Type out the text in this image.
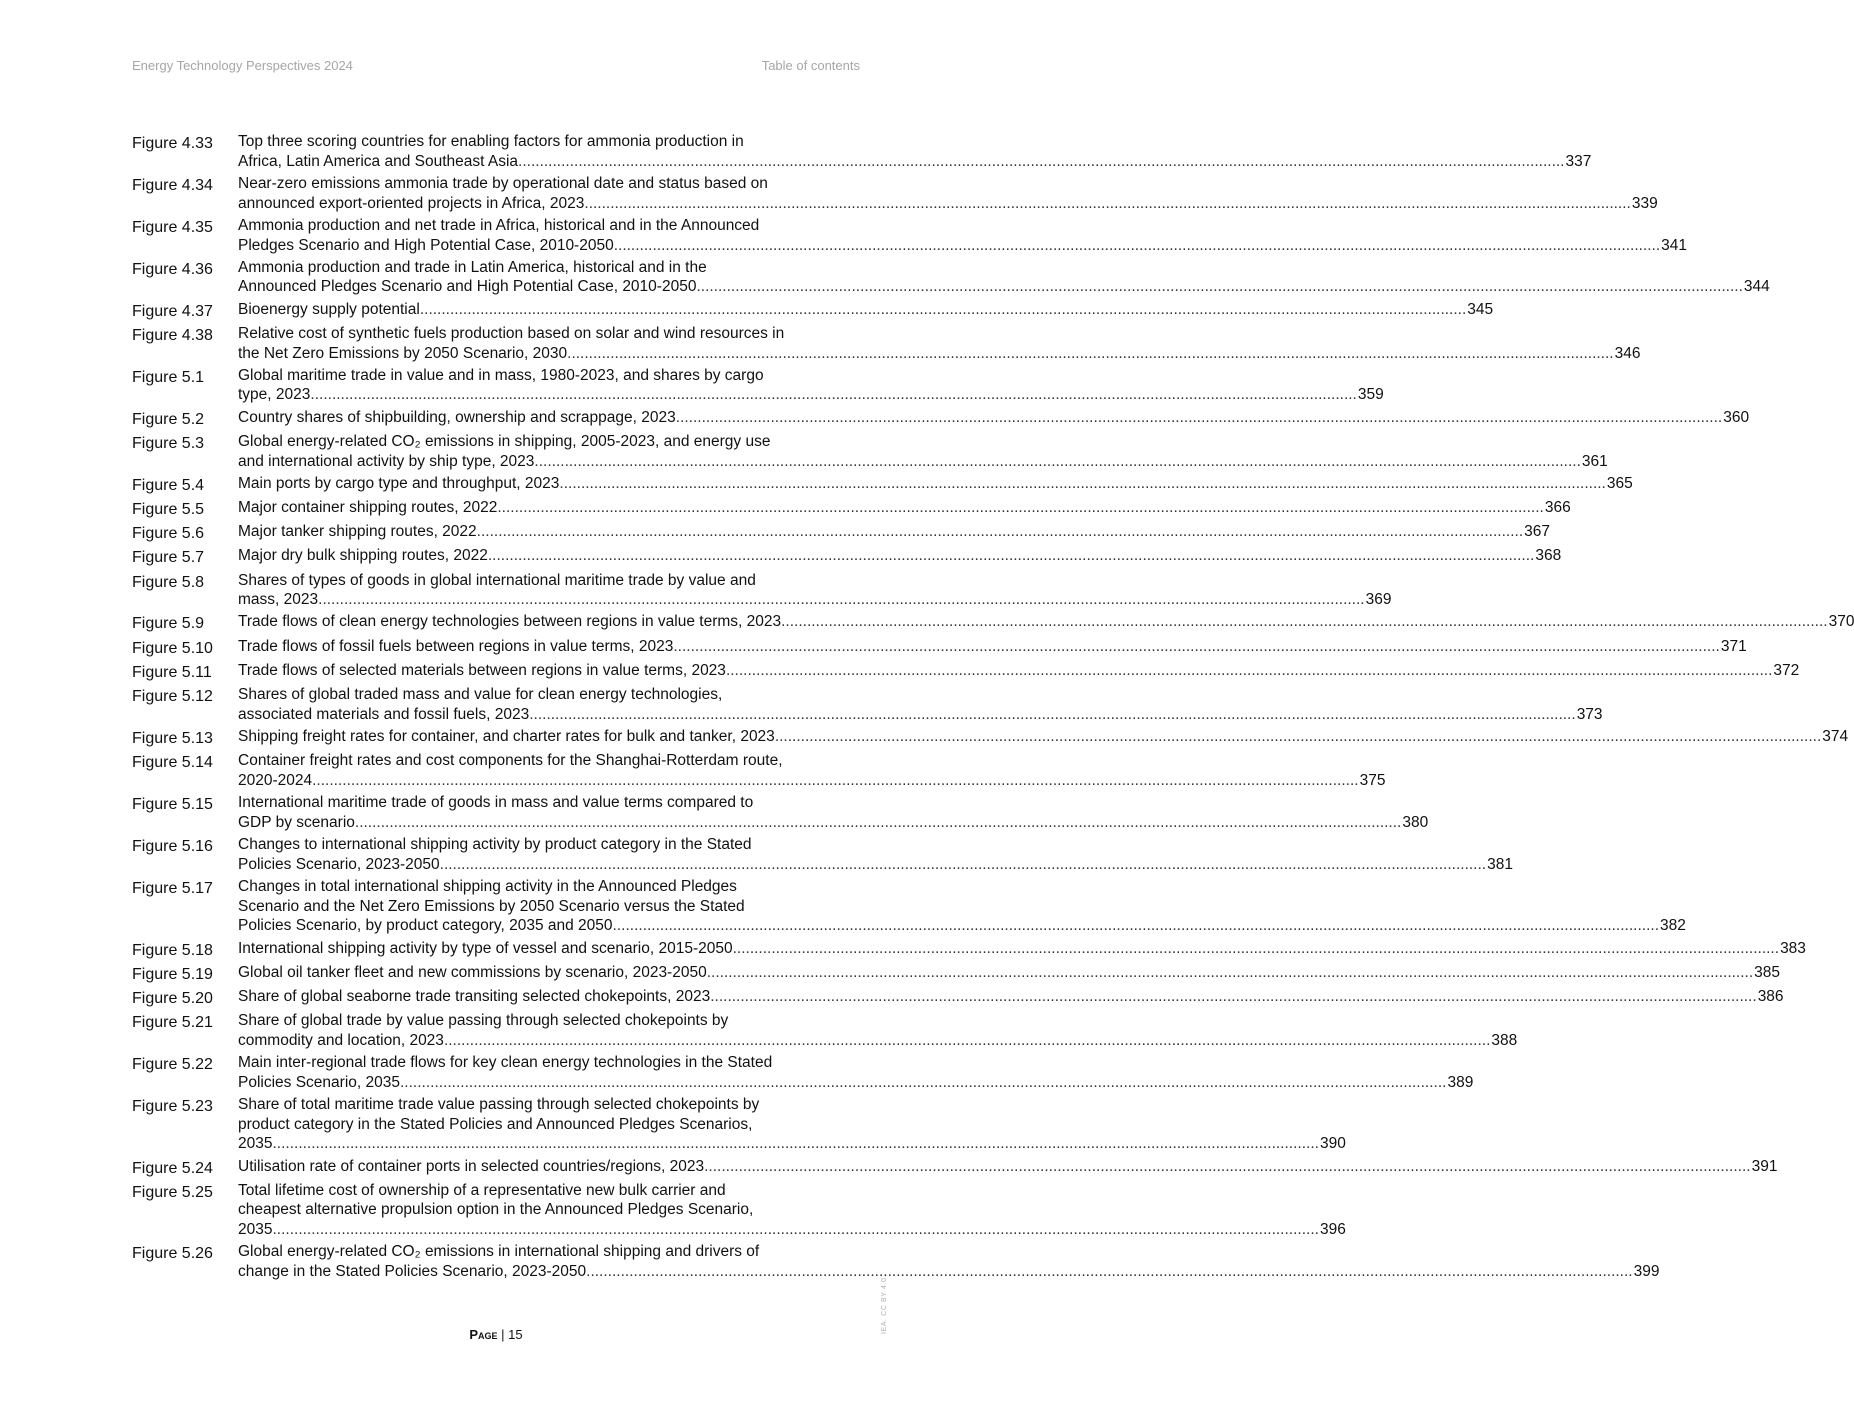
Energy Technology Perspectives 2024	Table of contents
Figure 4.33	Top three scoring countries for enabling factors for ammonia production in
Africa, Latin America and Southeast Asia .....	337
Figure 4.34	Near-zero emissions ammonia trade by operational date and status based on
announced export-oriented projects in Africa, 2023 .....	339
Figure 4.35	Ammonia production and net trade in Africa, historical and in the Announced
Pledges Scenario and High Potential Case, 2010-2050 .....	341
Figure 4.36	Ammonia production and trade in Latin America, historical and in the
Announced Pledges Scenario and High Potential Case, 2010-2050 .....	344
Figure 4.37	Bioenergy supply potential .....	345
Figure 4.38	Relative cost of synthetic fuels production based on solar and wind resources in
the Net Zero Emissions by 2050 Scenario, 2030 .....	346
Figure 5.1	Global maritime trade in value and in mass, 1980-2023, and shares by cargo
type, 2023 .....	359
Figure 5.2	Country shares of shipbuilding, ownership and scrappage, 2023 .....	360
Figure 5.3	Global energy-related CO₂ emissions in shipping, 2005-2023, and energy use
and international activity by ship type, 2023 .....	361
Figure 5.4	Main ports by cargo type and throughput, 2023 .....	365
Figure 5.5	Major container shipping routes, 2022 .....	366
Figure 5.6	Major tanker shipping routes, 2022 .....	367
Figure 5.7	Major dry bulk shipping routes, 2022 .....	368
Figure 5.8	Shares of types of goods in global international maritime trade by value and
mass, 2023 .....	369
Figure 5.9	Trade flows of clean energy technologies between regions in value terms, 2023 .....	370
Figure 5.10	Trade flows of fossil fuels between regions in value terms, 2023 .....	371
Figure 5.11	Trade flows of selected materials between regions in value terms, 2023 .....	372
Figure 5.12	Shares of global traded mass and value for clean energy technologies,
associated materials and fossil fuels, 2023 .....	373
Figure 5.13	Shipping freight rates for container, and charter rates for bulk and tanker, 2023 .....	374
Figure 5.14	Container freight rates and cost components for the Shanghai-Rotterdam route,
2020-2024 .....	375
Figure 5.15	International maritime trade of goods in mass and value terms compared to
GDP by scenario .....	380
Figure 5.16	Changes to international shipping activity by product category in the Stated
Policies Scenario, 2023-2050 .....	381
Figure 5.17	Changes in total international shipping activity in the Announced Pledges
Scenario and the Net Zero Emissions by 2050 Scenario versus the Stated
Policies Scenario, by product category, 2035 and 2050 .....	382
Figure 5.18	International shipping activity by type of vessel and scenario, 2015-2050 .....	383
Figure 5.19	Global oil tanker fleet and new commissions by scenario, 2023-2050 .....	385
Figure 5.20	Share of global seaborne trade transiting selected chokepoints, 2023 .....	386
Figure 5.21	Share of global trade by value passing through selected chokepoints by
commodity and location, 2023 .....	388
Figure 5.22	Main inter-regional trade flows for key clean energy technologies in the Stated
Policies Scenario, 2035 .....	389
Figure 5.23	Share of total maritime trade value passing through selected chokepoints by
product category in the Stated Policies and Announced Pledges Scenarios,
2035 .....	390
Figure 5.24	Utilisation rate of container ports in selected countries/regions, 2023 .....	391
Figure 5.25	Total lifetime cost of ownership of a representative new bulk carrier and
cheapest alternative propulsion option in the Announced Pledges Scenario,
2035 .....	396
Figure 5.26	Global energy-related CO₂ emissions in international shipping and drivers of
change in the Stated Policies Scenario, 2023-2050 .....	399
Page | 15
IEA. CC BY 4.0.
